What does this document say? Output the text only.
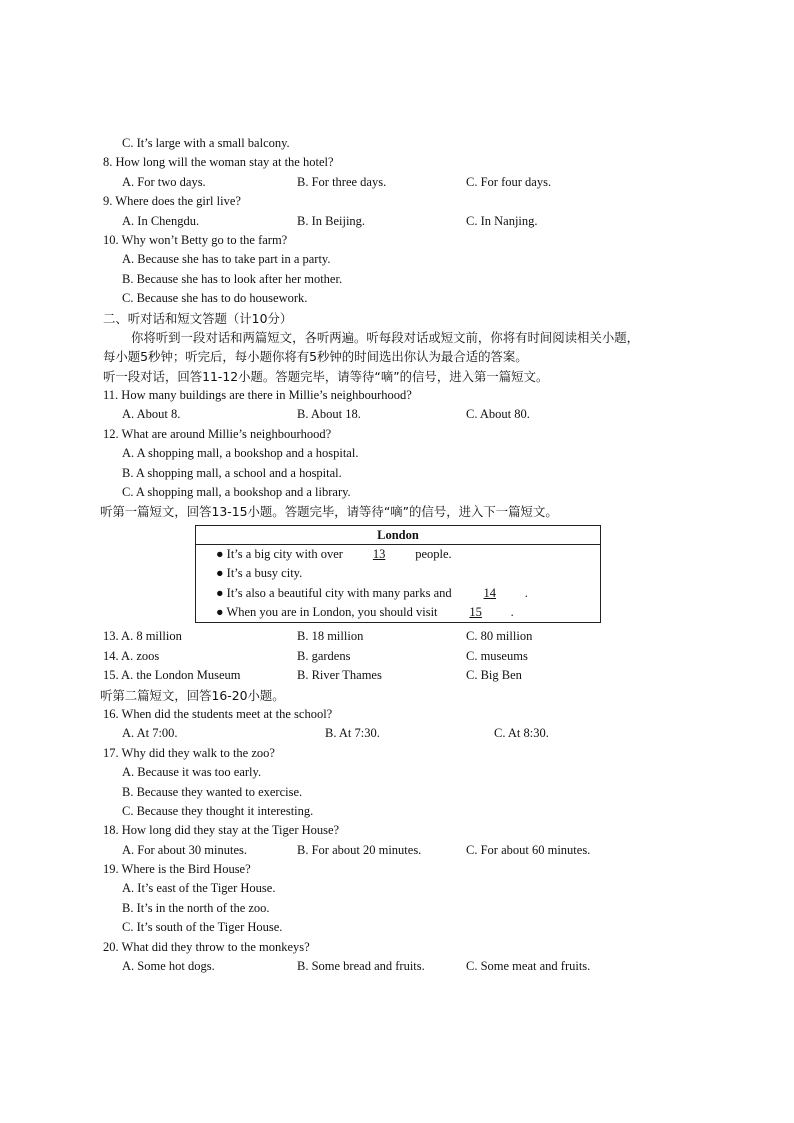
C. It’s large with a small balcony.
8. How long will the woman stay at the hotel?
A. For two days.	B. For three days.	C. For four days.
9. Where does the girl live?
A. In Chengdu.	B. In Beijing.	C. In Nanjing.
10. Why won’t Betty go to the farm?
A. Because she has to take part in a party.
B. Because she has to look after her mother.
C. Because she has to do housework.
二、听对话和短文答题（计10分）
你将听到一段对话和两篇短文，各听两遍。听每段对话或短文前，你将有时间阅读相关小题，
每小题5秒钟；听完后，每小题你将有5秒钟的时间选出你认为最合适的答案。
听一段对话，回答11-12小题。答题完毕，请等待“嘀”的信号，进入第一篇短文。
11. How many buildings are there in Millie’s neighbourhood?
A. About 8.	B. About 18.	C. About 80.
12. What are around Millie’s neighbourhood?
A. A shopping mall, a bookshop and a hospital.
B. A shopping mall, a school and a hospital.
C. A shopping mall, a bookshop and a library.
听第一篇短文，回答13-15小题。答题完毕，请等待“嘀”的信号，进入下一篇短文。
London
● It’s a big city with over 13 people.
● It’s a busy city.
● It’s also a beautiful city with many parks and	14 .
● When you are in London, you should visit	15 .
13. A. 8 million	B. 18 million	C. 80 million
14. A. zoos	B. gardens	C. museums
15. A. the London Museum	B. River Thames	C. Big Ben
听第二篇短文，回答16-20小题。
16. When did the students meet at the school?
A. At 7:00.	B. At 7:30.	C. At 8:30.
17. Why did they walk to the zoo?
A. Because it was too early.
B. Because they wanted to exercise.
C. Because they thought it interesting.
18. How long did they stay at the Tiger House?
A. For about 30 minutes.	B. For about 20 minutes.	C. For about 60 minutes.
19. Where is the Bird House?
A. It’s east of the Tiger House.
B. It’s in the north of the zoo.
C. It’s south of the Tiger House.
20. What did they throw to the monkeys?
A. Some hot dogs.	B. Some bread and fruits.	C. Some meat and fruits.
